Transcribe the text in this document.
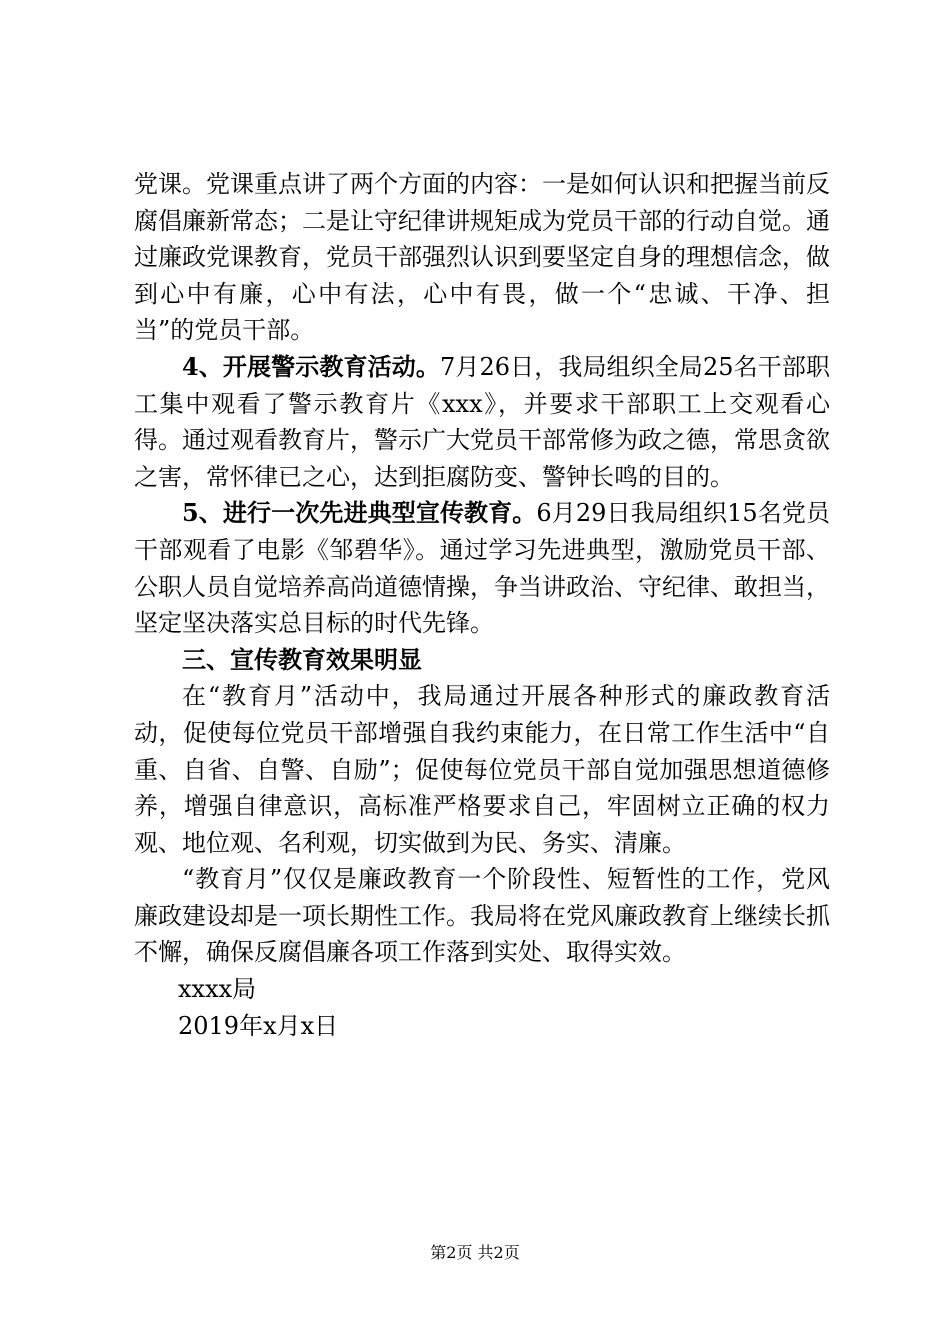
党课。党课重点讲了两个方面的内容：一是如何认识和把握当前反腐倡廉新常态；二是让守纪律讲规矩成为党员干部的行动自觉。通过廉政党课教育，党员干部强烈认识到要坚定自身的理想信念，做到心中有廉，心中有法，心中有畏，做一个“忠诚、干净、担当”的党员干部。

4、开展警示教育活动。7月26日，我局组织全局25名干部职工集中观看了警示教育片《xxx》，并要求干部职工上交观看心得。通过观看教育片，警示广大党员干部常修为政之德，常思贪欲之害，常怀律已之心，达到拒腐防变、警钟长鸣的目的。

5、进行一次先进典型宣传教育。6月29日我局组织15名党员干部观看了电影《邹碧华》。通过学习先进典型，激励党员干部、公职人员自觉培养高尚道德情操，争当讲政治、守纪律、敢担当，坚定坚决落实总目标的时代先锋。

三、宣传教育效果明显

在“教育月”活动中，我局通过开展各种形式的廉政教育活动，促使每位党员干部增强自我约束能力，在日常工作生活中“自重、自省、自警、自励”；促使每位党员干部自觉加强思想道德修养，增强自律意识，高标准严格要求自己，牢固树立正确的权力观、地位观、名利观，切实做到为民、务实、清廉。

“教育月”仅仅是廉政教育一个阶段性、短暂性的工作，党风廉政建设却是一项长期性工作。我局将在党风廉政教育上继续长抓不懈，确保反腐倡廉各项工作落到实处、取得实效。

xxxx局

2019年x月x日

第2页 共2页
